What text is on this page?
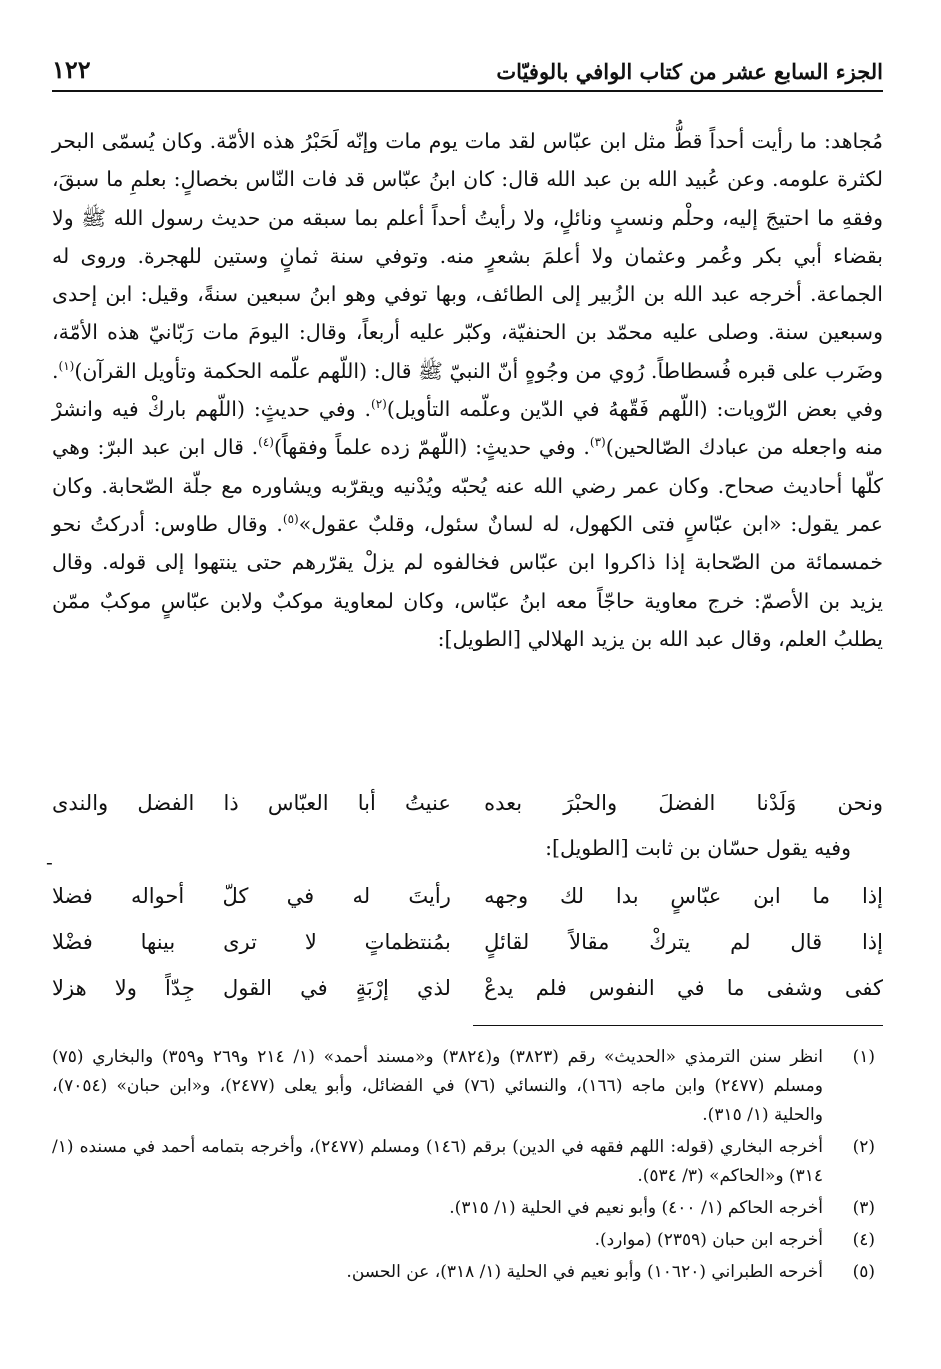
الجزء السابع عشر من كتاب الوافي بالوفيّات
١٢٢

مُجاهد: ما رأيت أحداً قطُّ مثل ابن عبّاس لقد مات يوم مات وإنّه لَحَبْرُ هذه الأمّة. وكان يُسمّى البحر لكثرة علومه. وعن عُبيد الله بن عبد الله قال: كان ابنُ عبّاس قد فات النّاس بخصالٍ: بعلمِ ما سبقَ، وفقهِ ما احتيجَ إليه، وحلْم ونسبٍ ونائلٍ، ولا رأيتُ أحداً أعلم بما سبقه من حديث رسول الله ﷺ ولا بقضاء أبي بكر وعُمر وعثمان ولا أعلمَ بشعرٍ منه. وتوفي سنة ثمانٍ وستين للهجرة. وروى له الجماعة. أخرجه عبد الله بن الزُبير إلى الطائف، وبها توفي وهو ابنُ سبعين سنةً، وقيل: ابن إحدى وسبعين سنة. وصلى عليه محمّد بن الحنفيّة، وكبّر عليه أربعاً، وقال: اليومَ مات رَبّانيّ هذه الأمّة، وضَرب على قبره فُسطاطاً. رُوي من وجُوهٍ أنّ النبيّ ﷺ قال: (اللّهم علّمه الحكمة وتأويل القرآن)$^{(١)}$. وفي بعض الرّويات: (اللّهم فَقّههُ في الدّين وعلّمه التأويل)$^{(٢)}$. وفي حديثٍ: (اللّهم باركْ فيه وانشرْ منه واجعله من عبادك الصّالحين)$^{(٣)}$. وفي حديثٍ: (اللّهمّ زده علماً وفقهاً)$^{(٤)}$. قال ابن عبد البرّ: وهي كلّها أحاديث صحاح. وكان عمر رضي الله عنه يُحبّه ويُدْنيه ويقرّبه ويشاوره مع جلّة الصّحابة. وكان عمر يقول: «ابن عبّاسٍ فتى الكهول، له لسانٌ سئول، وقلبٌ عقول»$^{(٥)}$. وقال طاوس: أدركتُ نحو خمسمائة من الصّحابة إذا ذاكروا ابن عبّاس فخالفوه لم يزلْ يقرّرهم حتى ينتهوا إلى قوله. وقال يزيد بن الأصمّ: خرج معاوية حاجّاً معه ابنُ عبّاس، وكان لمعاوية موكبٌ ولابن عبّاسٍ موكبٌ ممّن يطلبُ العلم، وقال عبد الله بن يزيد الهلالي [الطويل]:

ونحن وَلَدْنا الفضلَ والحبْرَ بعده
عنيتُ أبا العبّاس ذا الفضل والندى
وفيه يقول حسّان بن ثابت [الطويل]:
-
إذا ما ابن عبّاسٍ بدا لك وجهه
رأيتَ له في كلّ أحواله فضلا
إذا قال لم يتركْ مقالاً لقائلٍ
بمُنتظماتٍ لا ترى بينها فضْلا
كفى وشفى ما في النفوس فلم يدعْ
لذي إرْبَةٍ في القول جِدّاً ولا هزلا
(١)
انظر سنن الترمذي «الحديث» رقم (٣٨٢٣) و(٣٨٢٤) و«مسند أحمد» (١/ ٢١٤ و٢٦٩ و٣٥٩) والبخاري (٧٥) ومسلم (٢٤٧٧) وابن ماجه (١٦٦)، والنسائي (٧٦) في الفضائل، وأبو يعلى (٢٤٧٧)، و«ابن حبان» (٧٠٥٤)، والحلية (١/ ٣١٥).
(٢)
أخرجه البخاري (قوله: اللهم فقهه في الدين) برقم (١٤٦) ومسلم (٢٤٧٧)، وأخرجه بتمامه أحمد في مسنده (١/ ٣١٤) و«الحاكم» (٣/ ٥٣٤).
(٣)
أخرجه الحاكم (١/ ٤٠٠) وأبو نعيم في الحلية (١/ ٣١٥).
(٤)
أخرجه ابن حبان (٢٣٥٩) (موارد).
(٥)
أخرحه الطبراني (١٠٦٢٠) وأبو نعيم في الحلية (١/ ٣١٨)، عن الحسن.
